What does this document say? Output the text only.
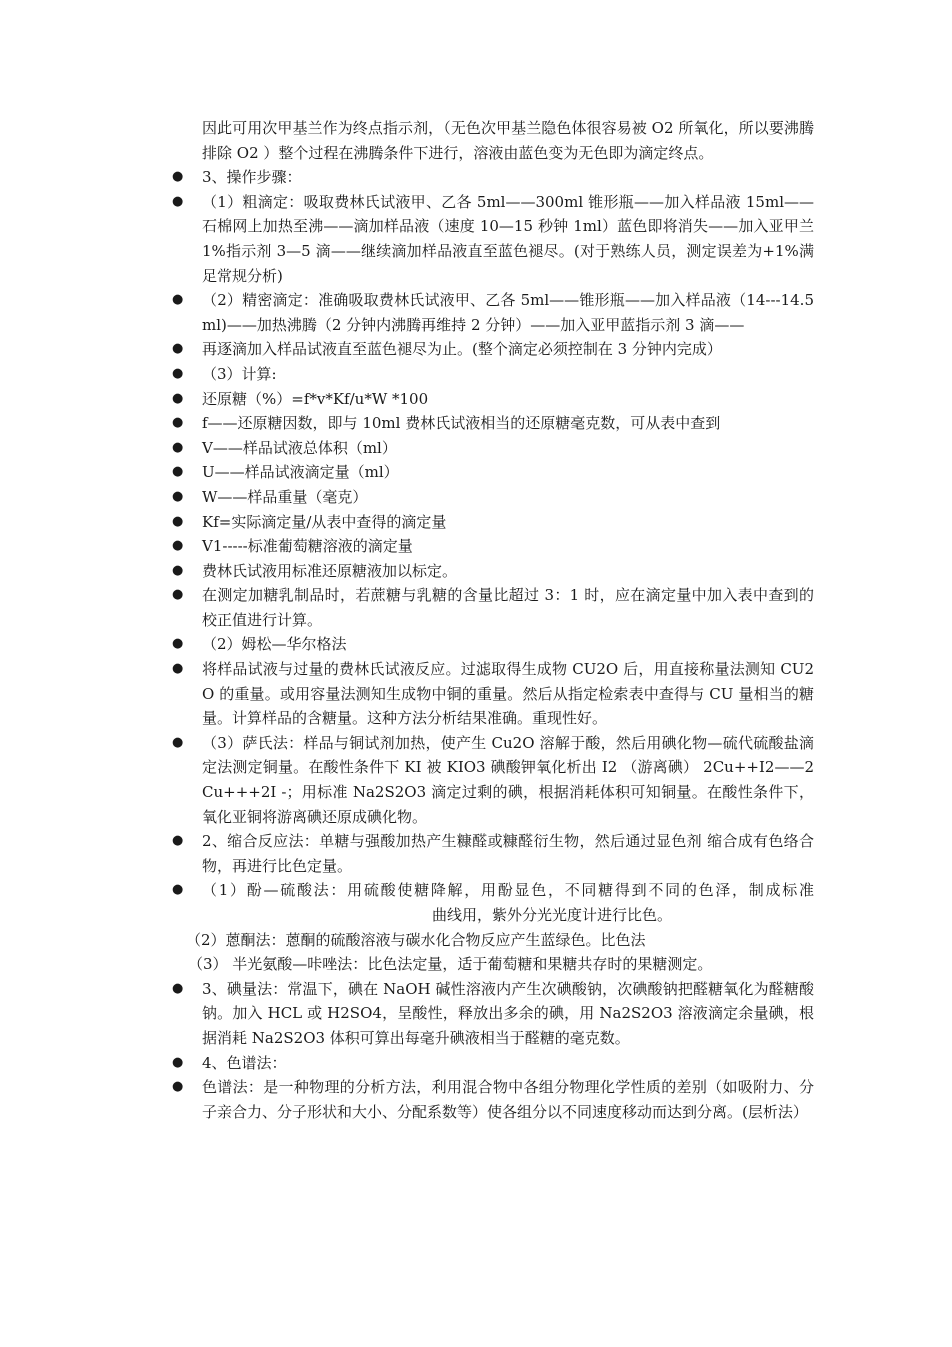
因此可用次甲基兰作为终点指示剂，（无色次甲基兰隐色体很容易被 O2 所氧化，所以要沸腾排除 O2 ）整个过程在沸腾条件下进行，溶液由蓝色变为无色即为滴定终点。
● 3、操作步骤：
● （1）粗滴定：吸取费林氏试液甲、乙各 5ml——300ml 锥形瓶——加入样品液 15ml——石棉网上加热至沸——滴加样品液（速度 10—15 秒钟 1ml）蓝色即将消失——加入亚甲兰 1%指示剂 3—5 滴——继续滴加样品液直至蓝色褪尽。(对于熟练人员，测定误差为+1%满足常规分析)
● （2）精密滴定：准确吸取费林氏试液甲、乙各 5ml——锥形瓶——加入样品液（14---14.5ml)——加热沸腾（2 分钟内沸腾再维持 2 分钟）——加入亚甲蓝指示剂 3 滴——
● 再逐滴加入样品试液直至蓝色褪尽为止。(整个滴定必须控制在 3 分钟内完成）
● （3）计算:
● 还原糖（%）=f*v*Kf/u*W *100
● f——还原糖因数，即与 10ml 费林氏试液相当的还原糖毫克数，可从表中查到
● V——样品试液总体积（ml）
● U——样品试液滴定量（ml）
● W——样品重量（毫克）
● Kf=实际滴定量/从表中查得的滴定量
● V1-----标准葡萄糖溶液的滴定量
● 费林氏试液用标准还原糖液加以标定。
● 在测定加糖乳制品时，若蔗糖与乳糖的含量比超过 3：1 时，应在滴定量中加入表中查到的校正值进行计算。
● （2）姆松—华尔格法
● 将样品试液与过量的费林氏试液反应。过滤取得生成物 CU2O 后，用直接称量法测知 CU2O 的重量。或用容量法测知生成物中铜的重量。然后从指定检索表中查得与 CU 量相当的糖量。计算样品的含糖量。这种方法分析结果准确。重现性好。
● （3）萨氏法：样品与铜试剂加热，使产生 Cu2O 溶解于酸，然后用碘化物—硫代硫酸盐滴定法测定铜量。在酸性条件下 KI 被 KIO3 碘酸钾氧化析出 I2 （游离碘） 2Cu++I2——2Cu+++2I -；用标准 Na2S2O3 滴定过剩的碘，根据消耗体积可知铜量。在酸性条件下，氧化亚铜将游离碘还原成碘化物。
● 2、缩合反应法：单糖与强酸加热产生糠醛或糠醛衍生物，然后通过显色剂 缩合成有色络合物，再进行比色定量。
● （1）酚—硫酸法：用硫酸使糖降解，用酚显色，不同糖得到不同的色泽，制成标准曲线用，紫外分光光度计进行比色。
（2）蒽酮法：蒽酮的硫酸溶液与碳水化合物反应产生蓝绿色。比色法
（3） 半光氨酸—咔唑法：比色法定量，适于葡萄糖和果糖共存时的果糖测定。
● 3、碘量法：常温下，碘在 NaOH 碱性溶液内产生次碘酸钠，次碘酸钠把醛糖氧化为醛糖酸钠。加入 HCL 或 H2SO4，呈酸性，释放出多余的碘，用 Na2S2O3 溶液滴定余量碘，根据消耗 Na2S2O3 体积可算出每毫升碘液相当于醛糖的毫克数。
● 4、色谱法：
● 色谱法：是一种物理的分析方法，利用混合物中各组分物理化学性质的差别（如吸附力、分子亲合力、分子形状和大小、分配系数等）使各组分以不同速度移动而达到分离。(层析法）
